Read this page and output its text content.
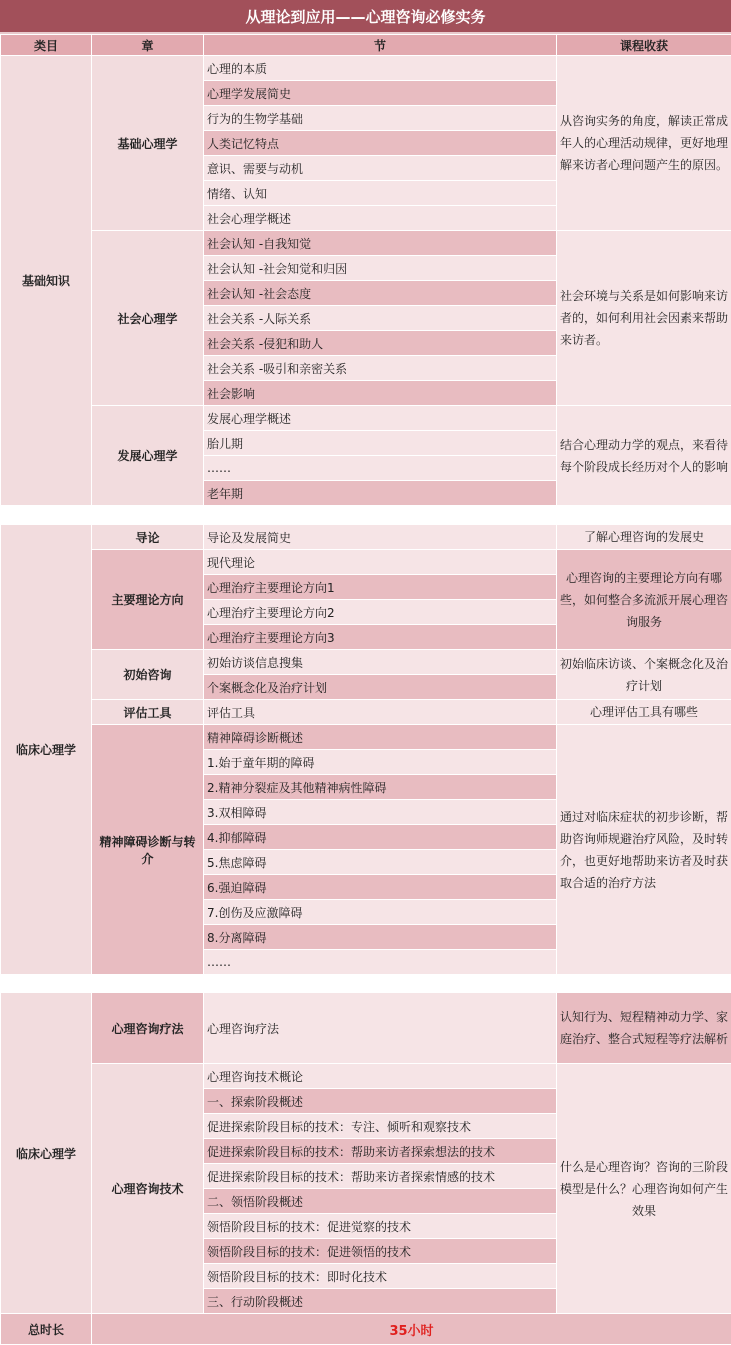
从理论到应用——心理咨询必修实务
类目	章	节	课程收获
基础知识	基础心理学	心理的本质	从咨询实务的角度，解读正常成年人的心理活动规律，更好地理解来访者心理问题产生的原因。
		心理学发展简史	
		行为的生物学基础	
		人类记忆特点	
		意识、需要与动机	
		情绪、认知	
		社会心理学概述	
	社会心理学	社会认知 -自我知觉	社会环境与关系是如何影响来访者的，如何利用社会因素来帮助来访者。
		社会认知 -社会知觉和归因	
		社会认知 -社会态度	
		社会关系 -人际关系	
		社会关系 -侵犯和助人	
		社会关系 -吸引和亲密关系	
		社会影响	
	发展心理学	发展心理学概述	结合心理动力学的观点，来看待每个阶段成长经历对个人的影响
		胎儿期	
		……	
		老年期	
临床心理学	导论	导论及发展简史	了解心理咨询的发展史
	主要理论方向	现代理论	心理咨询的主要理论方向有哪些，如何整合多流派开展心理咨询服务
		心理治疗主要理论方向1	
		心理治疗主要理论方向2	
		心理治疗主要理论方向3	
	初始咨询	初始访谈信息搜集	初始临床访谈、个案概念化及治疗计划
		个案概念化及治疗计划	
	评估工具	评估工具	心理评估工具有哪些
	精神障碍诊断与转介	精神障碍诊断概述	通过对临床症状的初步诊断，帮助咨询师规避治疗风险，及时转介，也更好地帮助来访者及时获取合适的治疗方法
		1.始于童年期的障碍	
		2.精神分裂症及其他精神病性障碍	
		3.双相障碍	
		4.抑郁障碍	
		5.焦虑障碍	
		6.强迫障碍	
		7.创伤及应激障碍	
		8.分离障碍	
		……	
临床心理学	心理咨询疗法	心理咨询疗法	认知行为、短程精神动力学、家庭治疗、整合式短程等疗法解析
	心理咨询技术	心理咨询技术概论	什么是心理咨询？咨询的三阶段模型是什么？心理咨询如何产生效果
		一、探索阶段概述	
		促进探索阶段目标的技术：专注、倾听和观察技术	
		促进探索阶段目标的技术：帮助来访者探索想法的技术	
		促进探索阶段目标的技术：帮助来访者探索情感的技术	
		二、领悟阶段概述	
		领悟阶段目标的技术：促进觉察的技术	
		领悟阶段目标的技术：促进领悟的技术	
		领悟阶段目标的技术：即时化技术	
		三、行动阶段概述	
总时长	35小时		
